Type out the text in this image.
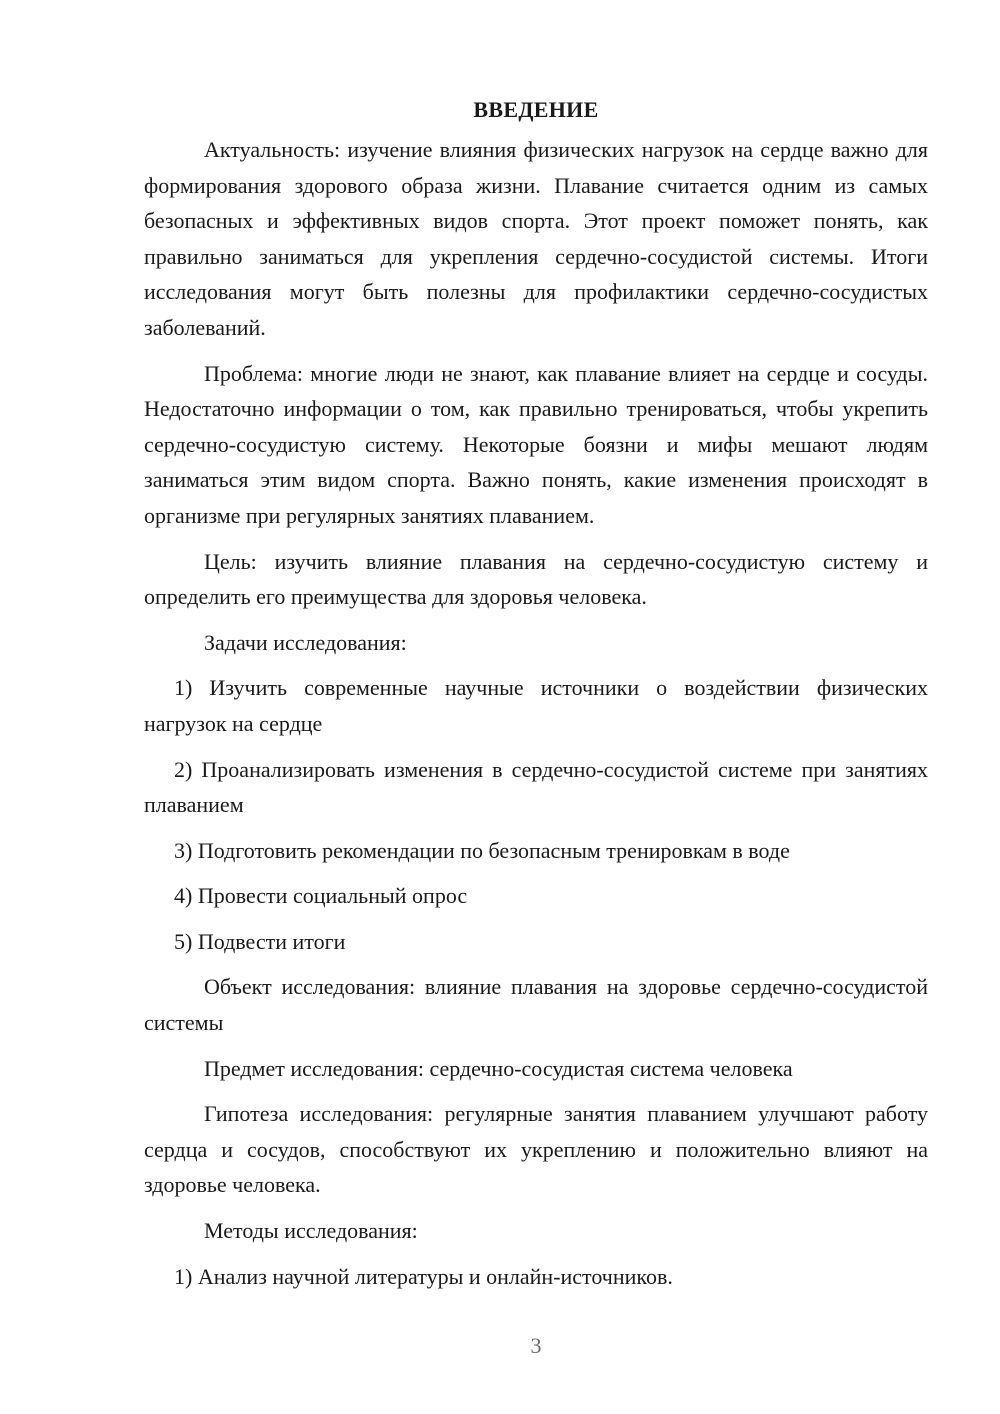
ВВЕДЕНИЕ

Актуальность: изучение влияния физических нагрузок на сердце важно для формирования здорового образа жизни. Плавание считается одним из самых безопасных и эффективных видов спорта. Этот проект поможет понять, как правильно заниматься для укрепления сердечно-сосудистой системы. Итоги исследования могут быть полезны для профилактики сердечно-сосудистых заболеваний.

Проблема: многие люди не знают, как плавание влияет на сердце и сосуды. Недостаточно информации о том, как правильно тренироваться, чтобы укрепить сердечно-сосудистую систему. Некоторые боязни и мифы мешают людям заниматься этим видом спорта. Важно понять, какие изменения происходят в организме при регулярных занятиях плаванием.

Цель: изучить влияние плавания на сердечно-сосудистую систему и определить его преимущества для здоровья человека.

Задачи исследования:

1) Изучить современные научные источники о воздействии физических нагрузок на сердце

2) Проанализировать изменения в сердечно-сосудистой системе при занятиях плаванием

3) Подготовить рекомендации по безопасным тренировкам в воде

4) Провести социальный опрос

5) Подвести итоги

Объект исследования: влияние плавания на здоровье сердечно-сосудистой системы

Предмет исследования: сердечно-сосудистая система человека

Гипотеза исследования: регулярные занятия плаванием улучшают работу сердца и сосудов, способствуют их укреплению и положительно влияют на здоровье человека.

Методы исследования:

1) Анализ научной литературы и онлайн-источников.

3
